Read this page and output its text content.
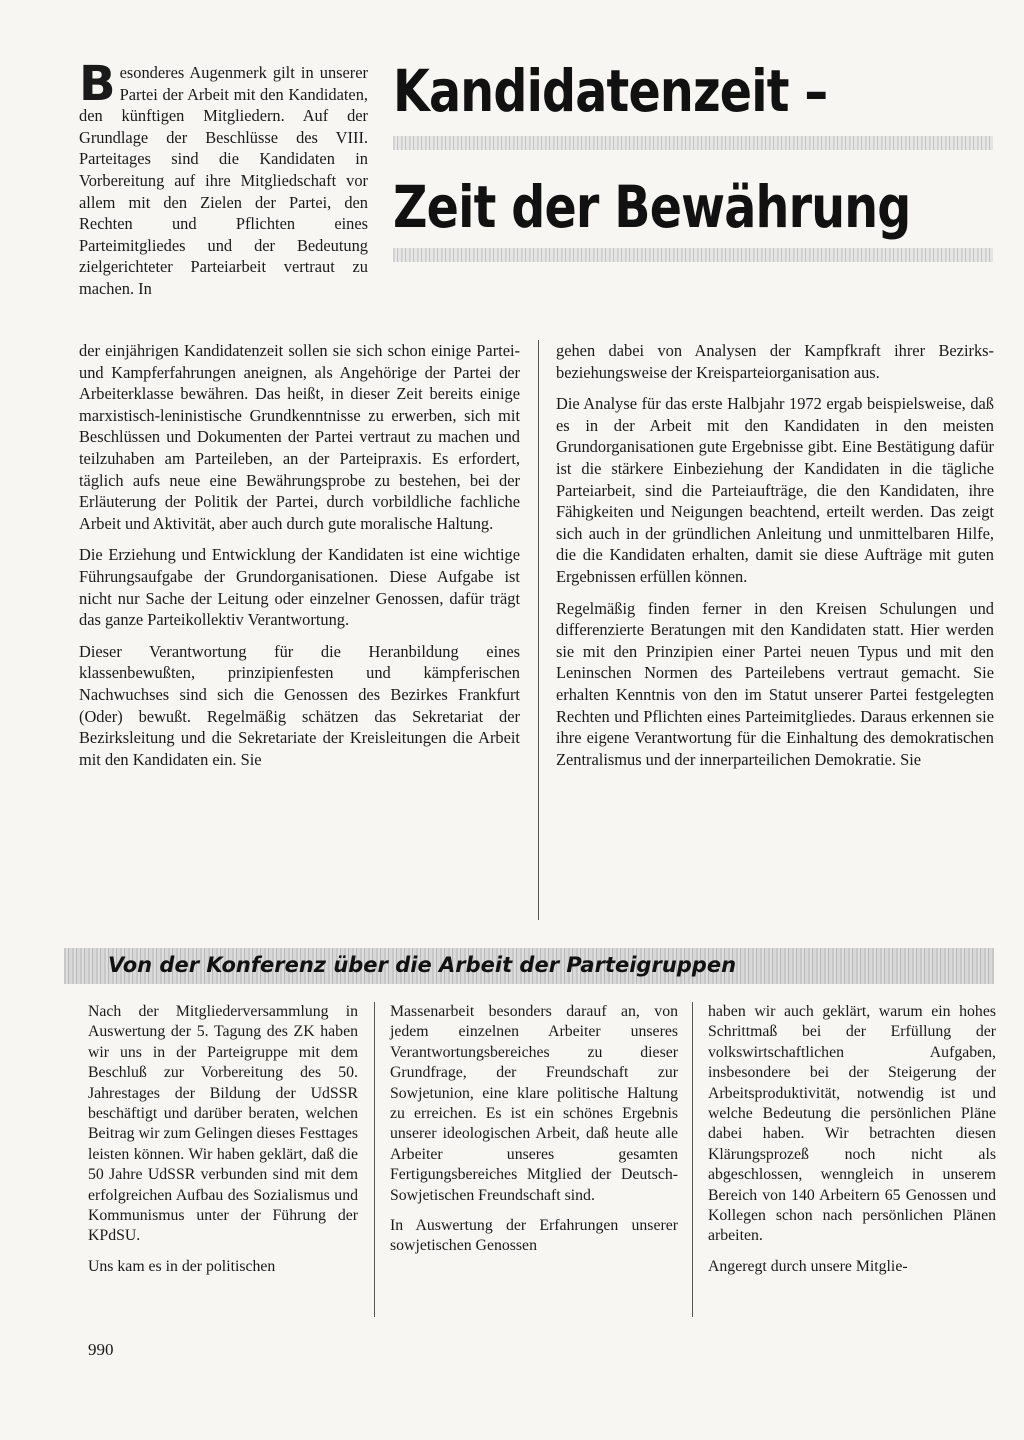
Kandidatenzeit –
Zeit der Bewährung
Besonderes Augenmerk gilt in unserer Partei der Arbeit mit den Kandidaten, den künftigen Mitgliedern. Auf der Grundlage der Beschlüsse des VIII. Parteitages sind die Kandidaten in Vorbereitung auf ihre Mitgliedschaft vor allem mit den Zielen der Partei, den Rechten und Pflichten eines Parteimitgliedes und der Bedeutung zielgerichteter Parteiarbeit vertraut zu machen. In

der einjährigen Kandidatenzeit sollen sie sich schon einige Partei- und Kampferfahrungen aneignen, als Angehörige der Partei der Arbeiterklasse bewähren. Das heißt, in dieser Zeit bereits einige marxistisch-leninistische Grundkenntnisse zu erwerben, sich mit Beschlüssen und Dokumenten der Partei vertraut zu machen und teilzuhaben am Parteileben, an der Parteipraxis. Es erfordert, täglich aufs neue eine Bewährungsprobe zu bestehen, bei der Erläuterung der Politik der Partei, durch vorbildliche fachliche Arbeit und Aktivität, aber auch durch gute moralische Haltung.

Die Erziehung und Entwicklung der Kandidaten ist eine wichtige Führungsaufgabe der Grundorganisationen. Diese Aufgabe ist nicht nur Sache der Leitung oder einzelner Genossen, dafür trägt das ganze Parteikollektiv Verantwortung.

Dieser Verantwortung für die Heranbildung eines klassenbewußten, prinzipienfesten und kämpferischen Nachwuchses sind sich die Genossen des Bezirkes Frankfurt (Oder) bewußt. Regelmäßig schätzen das Sekretariat der Bezirksleitung und die Sekretariate der Kreisleitungen die Arbeit mit den Kandidaten ein. Sie

gehen dabei von Analysen der Kampfkraft ihrer Bezirks- beziehungsweise der Kreisparteiorganisation aus.

Die Analyse für das erste Halbjahr 1972 ergab beispielsweise, daß es in der Arbeit mit den Kandidaten in den meisten Grundorganisationen gute Ergebnisse gibt. Eine Bestätigung dafür ist die stärkere Einbeziehung der Kandidaten in die tägliche Parteiarbeit, sind die Parteiaufträge, die den Kandidaten, ihre Fähigkeiten und Neigungen beachtend, erteilt werden. Das zeigt sich auch in der gründlichen Anleitung und unmittelbaren Hilfe, die die Kandidaten erhalten, damit sie diese Aufträge mit guten Ergebnissen erfüllen können.

Regelmäßig finden ferner in den Kreisen Schulungen und differenzierte Beratungen mit den Kandidaten statt. Hier werden sie mit den Prinzipien einer Partei neuen Typus und mit den Leninschen Normen des Parteilebens vertraut gemacht. Sie erhalten Kenntnis von den im Statut unserer Partei festgelegten Rechten und Pflichten eines Parteimitgliedes. Daraus erkennen sie ihre eigene Verantwortung für die Einhaltung des demokratischen Zentralismus und der innerparteilichen Demokratie. Sie

Von der Konferenz über die Arbeit der Parteigruppen

Nach der Mitgliederversammlung in Auswertung der 5. Tagung des ZK haben wir uns in der Parteigruppe mit dem Beschluß zur Vorbereitung des 50. Jahrestages der Bildung der UdSSR beschäftigt und darüber beraten, welchen Beitrag wir zum Gelingen dieses Festtages leisten können. Wir haben geklärt, daß die 50 Jahre UdSSR verbunden sind mit dem erfolgreichen Aufbau des Sozialismus und Kommunismus unter der Führung der KPdSU.

Uns kam es in der politischen

Massenarbeit besonders darauf an, von jedem einzelnen Arbeiter unseres Verantwortungsbereiches zu dieser Grundfrage, der Freundschaft zur Sowjetunion, eine klare politische Haltung zu erreichen. Es ist ein schönes Ergebnis unserer ideologischen Arbeit, daß heute alle Arbeiter unseres gesamten Fertigungsbereiches Mitglied der Deutsch-Sowjetischen Freundschaft sind.

In Auswertung der Erfahrungen unserer sowjetischen Genossen

haben wir auch geklärt, warum ein hohes Schrittmaß bei der Erfüllung der volkswirtschaftlichen Aufgaben, insbesondere bei der Steigerung der Arbeitsproduktivität, notwendig ist und welche Bedeutung die persönlichen Pläne dabei haben. Wir betrachten diesen Klärungsprozeß noch nicht als abgeschlossen, wenngleich in unserem Bereich von 140 Arbeitern 65 Genossen und Kollegen schon nach persönlichen Plänen arbeiten.

Angeregt durch unsere Mitglie-

990
